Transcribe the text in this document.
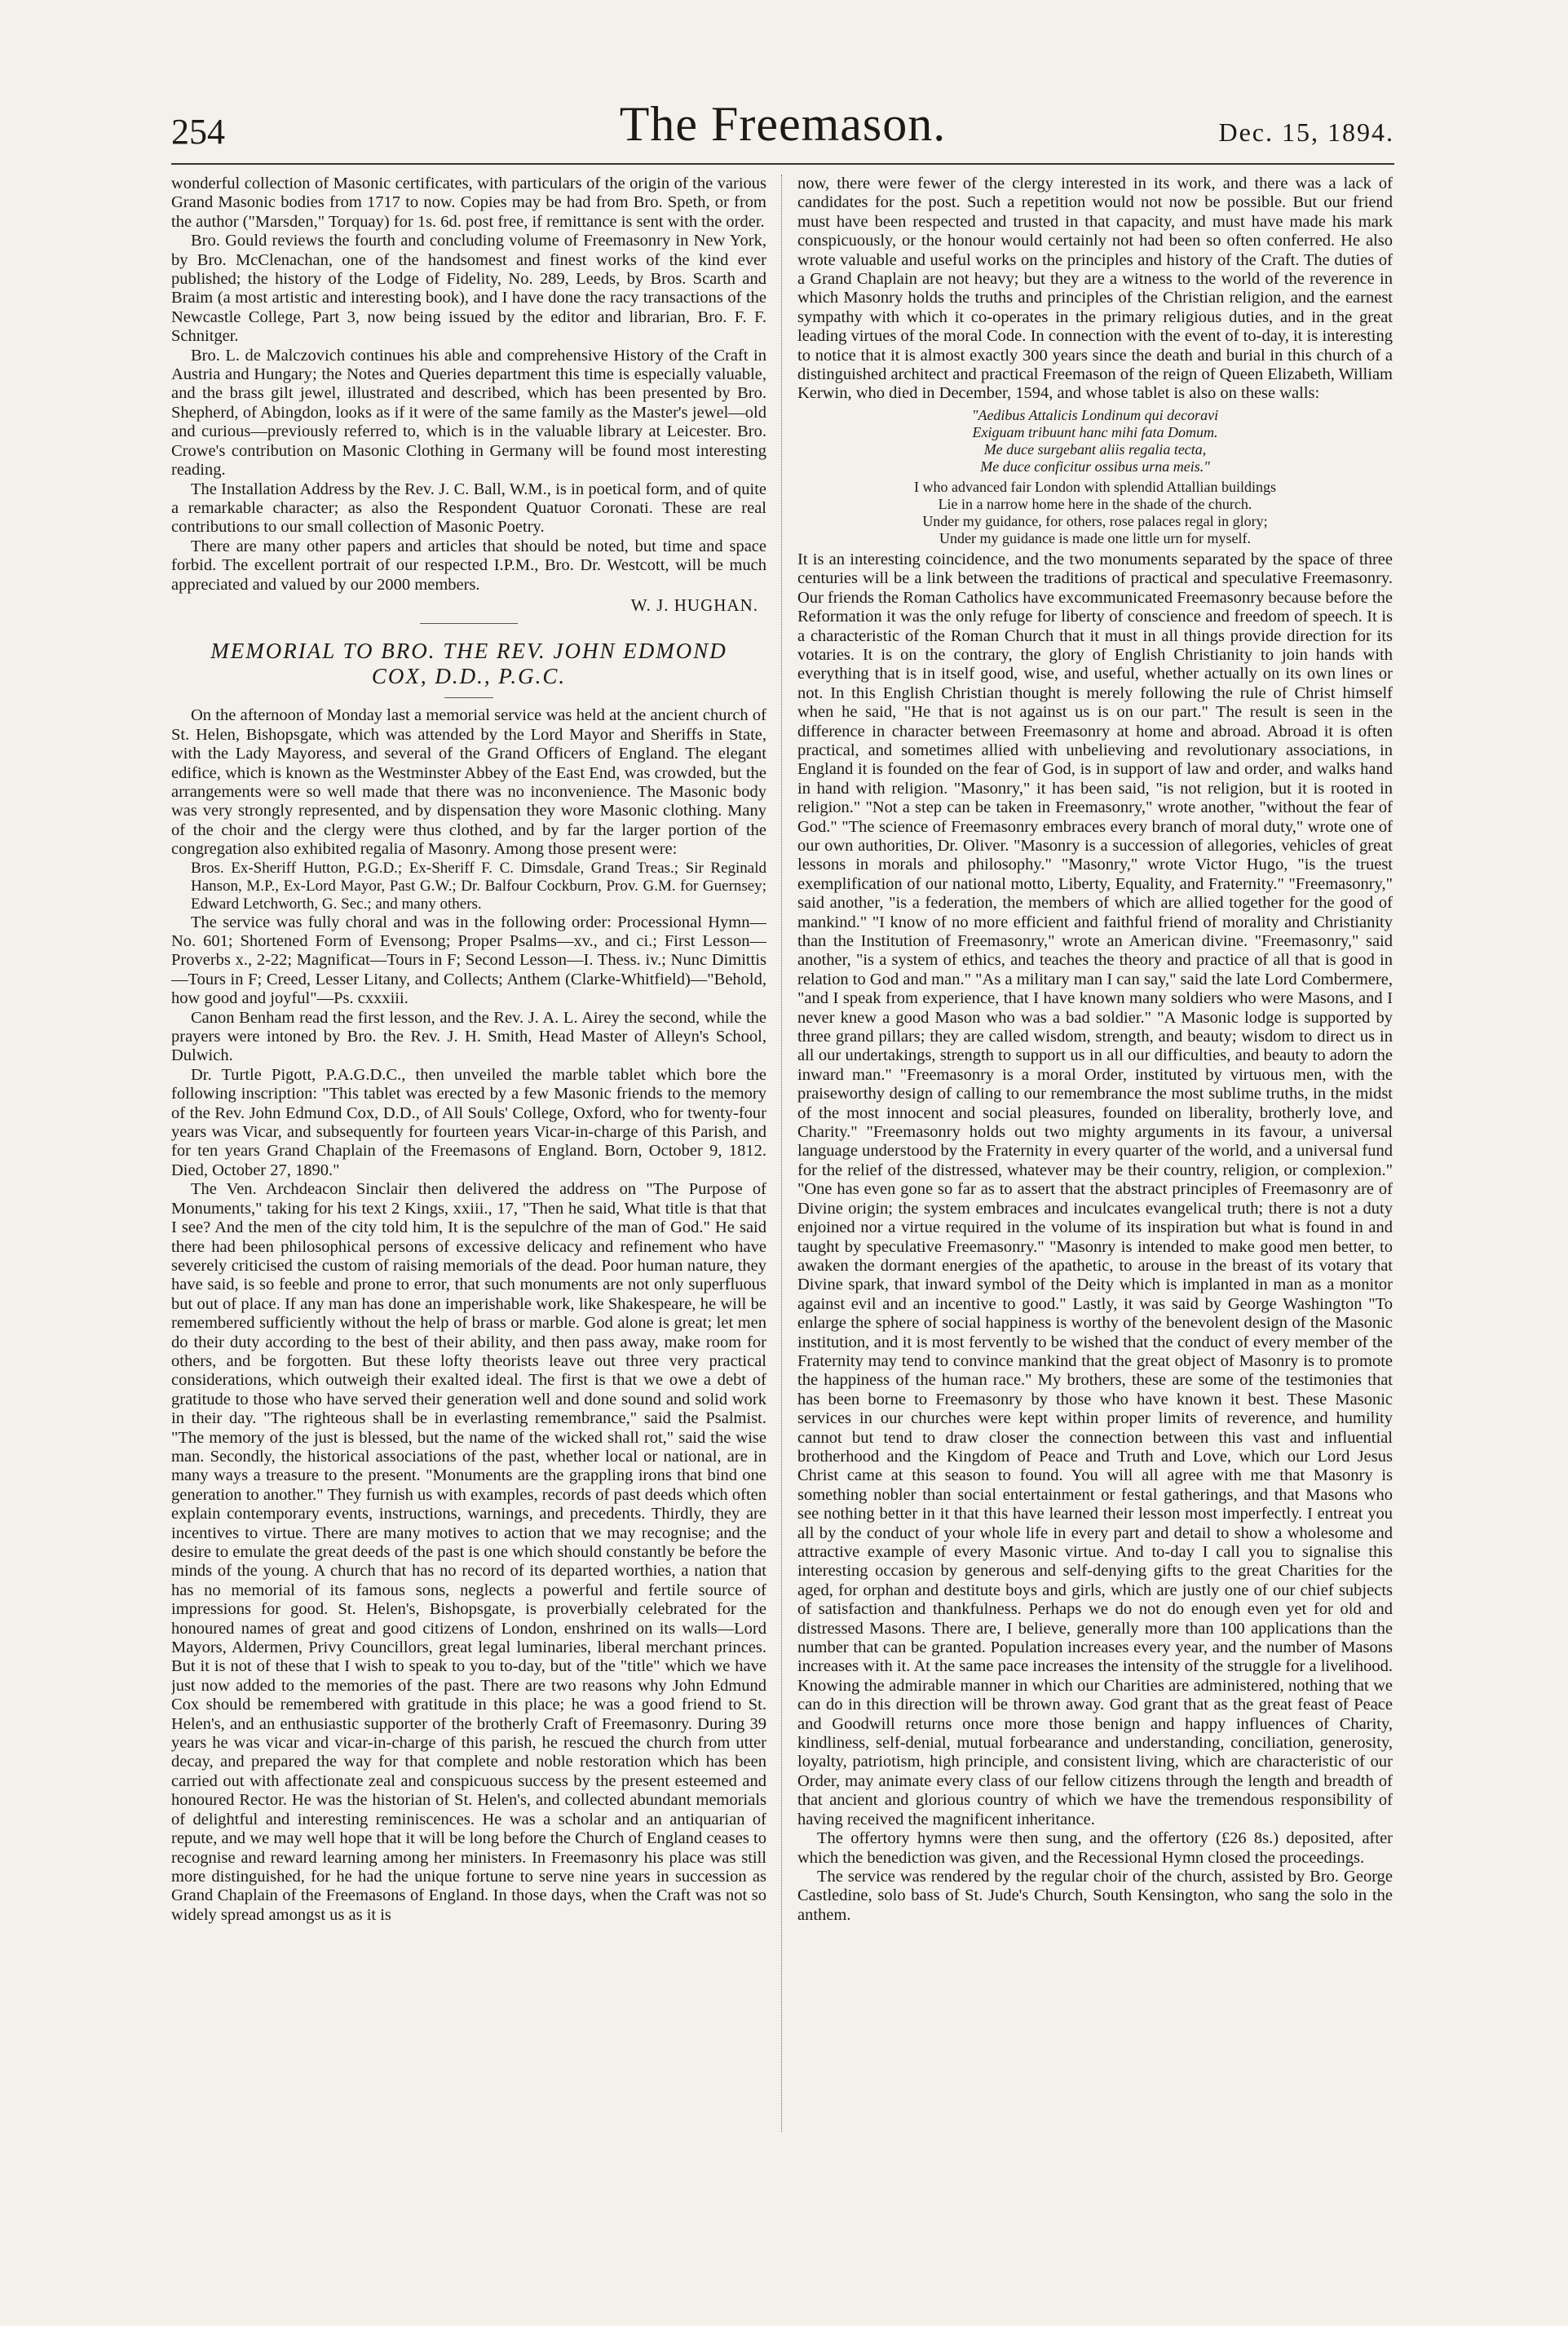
254	The Freemason.	Dec. 15, 1894.

wonderful collection of Masonic certificates, with particulars of the origin of the various Grand Masonic bodies from 1717 to now. Copies may be had from Bro. Speth, or from the author ("Marsden," Torquay) for 1s. 6d. post free, if remittance is sent with the order.

Bro. Gould reviews the fourth and concluding volume of Freemasonry in New York, by Bro. McClenachan, one of the handsomest and finest works of the kind ever published; the history of the Lodge of Fidelity, No. 289, Leeds, by Bros. Scarth and Braim (a most artistic and interesting book), and I have done the racy transactions of the Newcastle College, Part 3, now being issued by the editor and librarian, Bro. F. F. Schnitger.

Bro. L. de Malczovich continues his able and comprehensive History of the Craft in Austria and Hungary; the Notes and Queries department this time is especially valuable, and the brass gilt jewel, illustrated and described, which has been presented by Bro. Shepherd, of Abingdon, looks as if it were of the same family as the Master's jewel—old and curious—previously referred to, which is in the valuable library at Leicester. Bro. Crowe's contribution on Masonic Clothing in Germany will be found most interesting reading.

The Installation Address by the Rev. J. C. Ball, W.M., is in poetical form, and of quite a remarkable character; as also the Respondent Quatuor Coronati. These are real contributions to our small collection of Masonic Poetry.

There are many other papers and articles that should be noted, but time and space forbid. The excellent portrait of our respected I.P.M., Bro. Dr. Westcott, will be much appreciated and valued by our 2000 members.

W. J. HUGHAN.
MEMORIAL TO BRO. THE REV. JOHN EDMOND COX, D.D., P.G.C.

On the afternoon of Monday last a memorial service was held at the ancient church of St. Helen, Bishopsgate, which was attended by the Lord Mayor and Sheriffs in State, with the Lady Mayoress, and several of the Grand Officers of England. The elegant edifice, which is known as the Westminster Abbey of the East End, was crowded, but the arrangements were so well made that there was no inconvenience. The Masonic body was very strongly represented, and by dispensation they wore Masonic clothing. Many of the choir and the clergy were thus clothed, and by far the larger portion of the congregation also exhibited regalia of Masonry. Among those present were:

Bros. Ex-Sheriff Hutton, P.G.D.; Ex-Sheriff F. C. Dimsdale, Grand Treas.; Sir Reginald Hanson, M.P., Ex-Lord Mayor, Past G.W.; Dr. Balfour Cockburn, Prov. G.M. for Guernsey; Edward Letchworth, G. Sec.; and many others.

The service was fully choral and was in the following order: Processional Hymn—No. 601; Shortened Form of Evensong; Proper Psalms—xv., and ci.; First Lesson—Proverbs x., 2-22; Magnificat—Tours in F; Second Lesson—I. Thess. iv.; Nunc Dimittis—Tours in F; Creed, Lesser Litany, and Collects; Anthem (Clarke-Whitfield)—"Behold, how good and joyful"—Ps. cxxxiii.

Canon Benham read the first lesson, and the Rev. J. A. L. Airey the second, while the prayers were intoned by Bro. the Rev. J. H. Smith, Head Master of Alleyn's School, Dulwich.

Dr. Turtle Pigott, P.A.G.D.C., then unveiled the marble tablet which bore the following inscription: "This tablet was erected by a few Masonic friends to the memory of the Rev. John Edmund Cox, D.D., of All Souls' College, Oxford, who for twenty-four years was Vicar, and subsequently for fourteen years Vicar-in-charge of this Parish, and for ten years Grand Chaplain of the Freemasons of England. Born, October 9, 1812. Died, October 27, 1890."

The Ven. Archdeacon Sinclair then delivered the address on "The Purpose of Monuments," taking for his text 2 Kings, xxiii., 17, "Then he said, What title is that that I see? And the men of the city told him, It is the sepulchre of the man of God." He said there had been philosophical persons of excessive delicacy and refinement who have severely criticised the custom of raising memorials of the dead. Poor human nature, they have said, is so feeble and prone to error, that such monuments are not only superfluous but out of place. If any man has done an imperishable work, like Shakespeare, he will be remembered sufficiently without the help of brass or marble. God alone is great; let men do their duty according to the best of their ability, and then pass away, make room for others, and be forgotten. But these lofty theorists leave out three very practical considerations, which outweigh their exalted ideal. The first is that we owe a debt of gratitude to those who have served their generation well and done sound and solid work in their day. "The righteous shall be in everlasting remembrance," said the Psalmist. "The memory of the just is blessed, but the name of the wicked shall rot," said the wise man. Secondly, the historical associations of the past, whether local or national, are in many ways a treasure to the present. "Monuments are the grappling irons that bind one generation to another." They furnish us with examples, records of past deeds which often explain contemporary events, instructions, warnings, and precedents. Thirdly, they are incentives to virtue. There are many motives to action that we may recognise; and the desire to emulate the great deeds of the past is one which should constantly be before the minds of the young. A church that has no record of its departed worthies, a nation that has no memorial of its famous sons, neglects a powerful and fertile source of impressions for good. St. Helen's, Bishopsgate, is proverbially celebrated for the honoured names of great and good citizens of London, enshrined on its walls—Lord Mayors, Aldermen, Privy Councillors, great legal luminaries, liberal merchant princes. But it is not of these that I wish to speak to you to-day, but of the "title" which we have just now added to the memories of the past. There are two reasons why John Edmund Cox should be remembered with gratitude in this place; he was a good friend to St. Helen's, and an enthusiastic supporter of the brotherly Craft of Freemasonry. During 39 years he was vicar and vicar-in-charge of this parish, he rescued the church from utter decay, and prepared the way for that complete and noble restoration which has been carried out with affectionate zeal and conspicuous success by the present esteemed and honoured Rector. He was the historian of St. Helen's, and collected abundant memorials of delightful and interesting reminiscences. He was a scholar and an antiquarian of repute, and we may well hope that it will be long before the Church of England ceases to recognise and reward learning among her ministers. In Freemasonry his place was still more distinguished, for he had the unique fortune to serve nine years in succession as Grand Chaplain of the Freemasons of England. In those days, when the Craft was not so widely spread amongst us as it is

now, there were fewer of the clergy interested in its work, and there was a lack of candidates for the post. Such a repetition would not now be possible. But our friend must have been respected and trusted in that capacity, and must have made his mark conspicuously, or the honour would certainly not had been so often conferred. He also wrote valuable and useful works on the principles and history of the Craft. The duties of a Grand Chaplain are not heavy; but they are a witness to the world of the reverence in which Masonry holds the truths and principles of the Christian religion, and the earnest sympathy with which it co-operates in the primary religious duties, and in the great leading virtues of the moral Code. In connection with the event of to-day, it is interesting to notice that it is almost exactly 300 years since the death and burial in this church of a distinguished architect and practical Freemason of the reign of Queen Elizabeth, William Kerwin, who died in December, 1594, and whose tablet is also on these walls:

"Aedibus Attalicis Londinum qui decoravi
Exiguam tribuunt hanc mihi fata Domum.
Me duce surgebant aliis regalia tecta,
Me duce conficitur ossibus urna meis."
I who advanced fair London with splendid Attallian buildings
Lie in a narrow home here in the shade of the church.
Under my guidance, for others, rose palaces regal in glory;
Under my guidance is made one little urn for myself.

It is an interesting coincidence, and the two monuments separated by the space of three centuries will be a link between the traditions of practical and speculative Freemasonry. Our friends the Roman Catholics have excommunicated Freemasonry because before the Reformation it was the only refuge for liberty of conscience and freedom of speech. It is a characteristic of the Roman Church that it must in all things provide direction for its votaries. It is on the contrary, the glory of English Christianity to join hands with everything that is in itself good, wise, and useful, whether actually on its own lines or not. In this English Christian thought is merely following the rule of Christ himself when he said, "He that is not against us is on our part." The result is seen in the difference in character between Freemasonry at home and abroad. Abroad it is often practical, and sometimes allied with unbelieving and revolutionary associations, in England it is founded on the fear of God, is in support of law and order, and walks hand in hand with religion. "Masonry," it has been said, "is not religion, but it is rooted in religion." "Not a step can be taken in Freemasonry," wrote another, "without the fear of God." "The science of Freemasonry embraces every branch of moral duty," wrote one of our own authorities, Dr. Oliver. "Masonry is a succession of allegories, vehicles of great lessons in morals and philosophy." "Masonry," wrote Victor Hugo, "is the truest exemplification of our national motto, Liberty, Equality, and Fraternity." "Freemasonry," said another, "is a federation, the members of which are allied together for the good of mankind." "I know of no more efficient and faithful friend of morality and Christianity than the Institution of Freemasonry," wrote an American divine. "Freemasonry," said another, "is a system of ethics, and teaches the theory and practice of all that is good in relation to God and man." "As a military man I can say," said the late Lord Combermere, "and I speak from experience, that I have known many soldiers who were Masons, and I never knew a good Mason who was a bad soldier." "A Masonic lodge is supported by three grand pillars; they are called wisdom, strength, and beauty; wisdom to direct us in all our undertakings, strength to support us in all our difficulties, and beauty to adorn the inward man." "Freemasonry is a moral Order, instituted by virtuous men, with the praiseworthy design of calling to our remembrance the most sublime truths, in the midst of the most innocent and social pleasures, founded on liberality, brotherly love, and Charity." "Freemasonry holds out two mighty arguments in its favour, a universal language understood by the Fraternity in every quarter of the world, and a universal fund for the relief of the distressed, whatever may be their country, religion, or complexion." "One has even gone so far as to assert that the abstract principles of Freemasonry are of Divine origin; the system embraces and inculcates evangelical truth; there is not a duty enjoined nor a virtue required in the volume of its inspiration but what is found in and taught by speculative Freemasonry." "Masonry is intended to make good men better, to awaken the dormant energies of the apathetic, to arouse in the breast of its votary that Divine spark, that inward symbol of the Deity which is implanted in man as a monitor against evil and an incentive to good." Lastly, it was said by George Washington "To enlarge the sphere of social happiness is worthy of the benevolent design of the Masonic institution, and it is most fervently to be wished that the conduct of every member of the Fraternity may tend to convince mankind that the great object of Masonry is to promote the happiness of the human race." My brothers, these are some of the testimonies that has been borne to Freemasonry by those who have known it best. These Masonic services in our churches were kept within proper limits of reverence, and humility cannot but tend to draw closer the connection between this vast and influential brotherhood and the Kingdom of Peace and Truth and Love, which our Lord Jesus Christ came at this season to found. You will all agree with me that Masonry is something nobler than social entertainment or festal gatherings, and that Masons who see nothing better in it that this have learned their lesson most imperfectly. I entreat you all by the conduct of your whole life in every part and detail to show a wholesome and attractive example of every Masonic virtue. And to-day I call you to signalise this interesting occasion by generous and self-denying gifts to the great Charities for the aged, for orphan and destitute boys and girls, which are justly one of our chief subjects of satisfaction and thankfulness. Perhaps we do not do enough even yet for old and distressed Masons. There are, I believe, generally more than 100 applications than the number that can be granted. Population increases every year, and the number of Masons increases with it. At the same pace increases the intensity of the struggle for a livelihood. Knowing the admirable manner in which our Charities are administered, nothing that we can do in this direction will be thrown away. God grant that as the great feast of Peace and Goodwill returns once more those benign and happy influences of Charity, kindliness, self-denial, mutual forbearance and understanding, conciliation, generosity, loyalty, patriotism, high principle, and consistent living, which are characteristic of our Order, may animate every class of our fellow citizens through the length and breadth of that ancient and glorious country of which we have the tremendous responsibility of having received the magnificent inheritance.

The offertory hymns were then sung, and the offertory (£26 8s.) deposited, after which the benediction was given, and the Recessional Hymn closed the proceedings.

The service was rendered by the regular choir of the church, assisted by Bro. George Castledine, solo bass of St. Jude's Church, South Kensington, who sang the solo in the anthem.
